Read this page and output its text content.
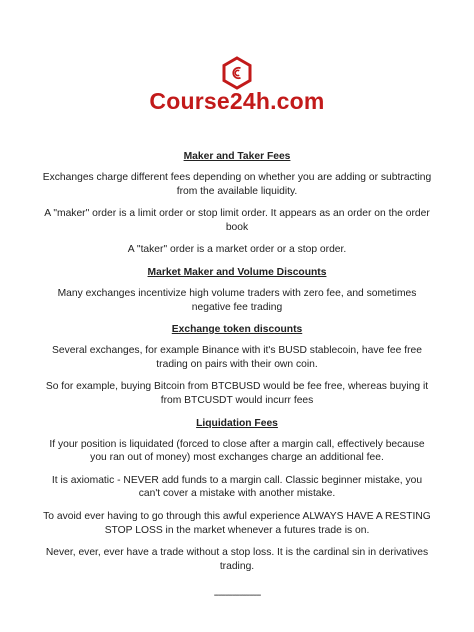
Course24h.com
Maker and Taker Fees

Exchanges charge different fees depending on whether you are adding or subtracting from the available liquidity.

A "maker" order is a limit order or stop limit order. It appears as an order on the order book

A "taker" order is a market order or a stop order.

Market Maker and Volume Discounts

Many exchanges incentivize high volume traders with zero fee, and sometimes negative fee trading

Exchange token discounts

Several exchanges, for example Binance with it's BUSD stablecoin, have fee free trading on pairs with their own coin.

So for example, buying Bitcoin from BTCBUSD would be fee free, whereas buying it from BTCUSDT would incurr fees

Liquidation Fees

If your position is liquidated (forced to close after a margin call, effectively because you ran out of money) most exchanges charge an additional fee.

It is axiomatic - NEVER add funds to a margin call. Classic beginner mistake, you can't cover a mistake with another mistake.

To avoid ever having to go through this awful experience ALWAYS HAVE A RESTING STOP LOSS in the market whenever a futures trade is on.

Never, ever, ever have a trade without a stop loss. It is the cardinal sin in derivatives trading.

--------------------
